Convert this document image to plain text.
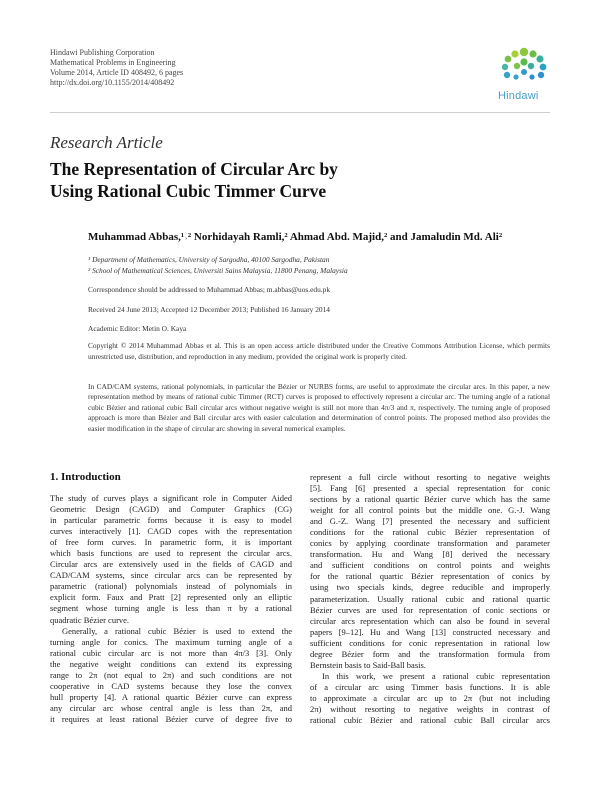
Hindawi Publishing Corporation
Mathematical Problems in Engineering
Volume 2014, Article ID 408492, 6 pages
http://dx.doi.org/10.1155/2014/408492
Hindawi
Research Article
The Representation of Circular Arc by
Using Rational Cubic Timmer Curve
Muhammad Abbas,¹˒² Norhidayah Ramli,² Ahmad Abd. Majid,² and Jamaludin Md. Ali²
¹ Department of Mathematics, University of Sargodha, 40100 Sargodha, Pakistan
² School of Mathematical Sciences, Universiti Sains Malaysia, 11800 Penang, Malaysia
Correspondence should be addressed to Muhammad Abbas; m.abbas@uos.edu.pk
Received 24 June 2013; Accepted 12 December 2013; Published 16 January 2014
Academic Editor: Metin O. Kaya
Copyright © 2014 Muhammad Abbas et al. This is an open access article distributed under the Creative Commons Attribution License, which permits unrestricted use, distribution, and reproduction in any medium, provided the original work is properly cited.
In CAD/CAM systems, rational polynomials, in particular the Bézier or NURBS forms, are useful to approximate the circular arcs. In this paper, a new representation method by means of rational cubic Timmer (RCT) curves is proposed to effectively represent a circular arc. The turning angle of a rational cubic Bézier and rational cubic Ball circular arcs without negative weight is still not more than 4π/3 and π, respectively. The turning angle of proposed approach is more than Bézier and Ball circular arcs with easier calculation and determination of control points. The proposed method also provides the easier modification in the shape of circular arc showing in several numerical examples.
1. Introduction
The study of curves plays a significant role in Computer Aided
Geometric Design (CAGD) and Computer Graphics (CG)
in particular parametric forms because it is easy to model
curves interactively [1]. CAGD copes with the representation
of free form curves. In parametric form, it is important
which basis functions are used to represent the circular arcs.
Circular arcs are extensively used in the fields of CAGD and
CAD/CAM systems, since circular arcs can be represented by
parametric (rational) polynomials instead of polynomials in
explicit form. Faux and Pratt [2] represented only an elliptic
segment whose turning angle is less than π by a rational
quadratic Bézier curve.
Generally, a rational cubic Bézier is used to extend the
turning angle for conics. The maximum turning angle of a
rational cubic circular arc is not more than 4π/3 [3]. Only
the negative weight conditions can extend its expressing
range to 2π (not equal to 2π) and such conditions are not
cooperative in CAD systems because they lose the convex
hull property [4]. A rational quartic Bézier curve can express
any circular arc whose central angle is less than 2π, and
it requires at least rational Bézier curve of degree five to
represent a full circle without resorting to negative weights
[5]. Fang [6] presented a special representation for conic
sections by a rational quartic Bézier curve which has the same
weight for all control points but the middle one. G.-J. Wang
and G.-Z. Wang [7] presented the necessary and sufficient
conditions for the rational cubic Bézier representation of
conics by applying coordinate transformation and parameter
transformation. Hu and Wang [8] derived the necessary
and sufficient conditions on control points and weights
for the rational quartic Bézier representation of conics by
using two specials kinds, degree reducible and improperly
parameterization. Usually rational cubic and rational quartic
Bézier curves are used for representation of conic sections or
circular arcs representation which can also be found in several
papers [9–12]. Hu and Wang [13] constructed necessary and
sufficient conditions for conic representation in rational low
degree Bézier form and the transformation formula from
Bernstein basis to Said-Ball basis.
In this work, we present a rational cubic representation
of a circular arc using Timmer basis functions. It is able
to approximate a circular arc up to 2π (but not including
2π) without resorting to negative weights in contrast of
rational cubic Bézier and rational cubic Ball circular arcs
